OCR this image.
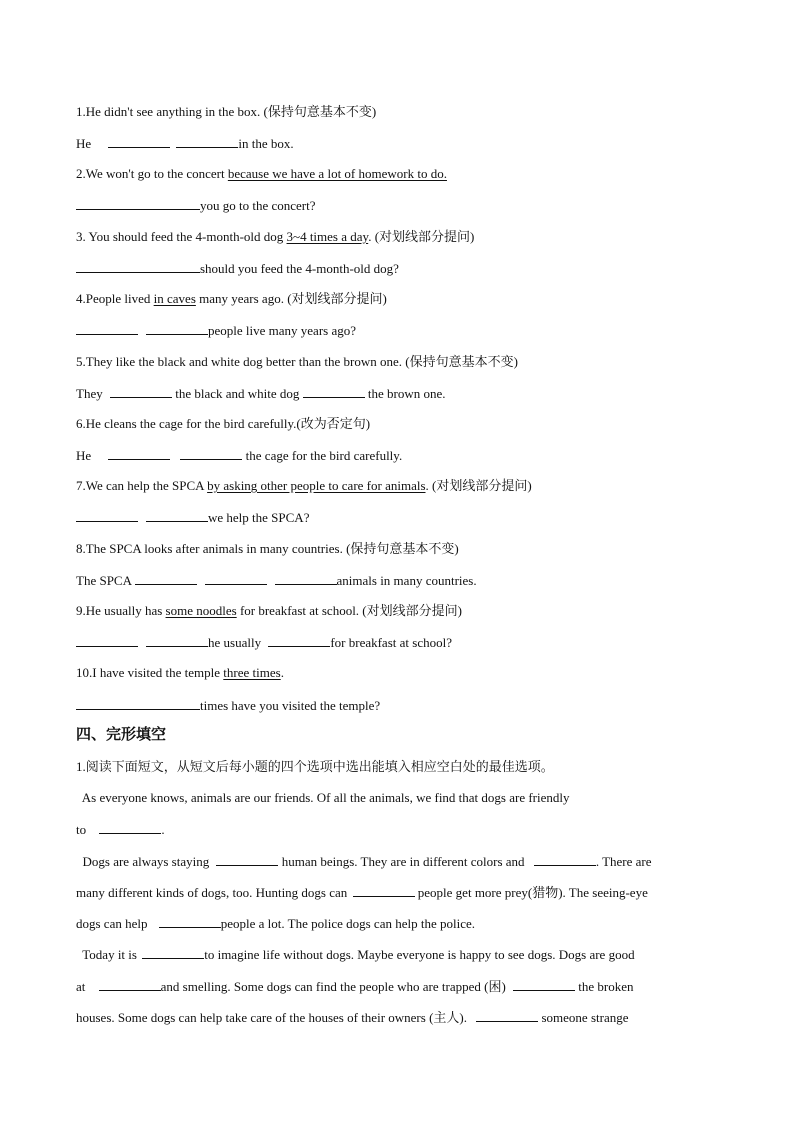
1.He didn't see anything in the box. (保持句意基本不变)
He	in the box.
2.We won't go to the concert because we have a lot of homework to do.
you go to the concert?
3. You should feed the 4-month-old dog 3~4 times a day. (对划线部分提问)
should you feed the 4-month-old dog?
4.People lived in caves many years ago. (对划线部分提问)
people live many years ago?
5.They like the black and white dog better than the brown one. (保持句意基本不变)
They	the black and white dog	the brown one.
6.He cleans the cage for the bird carefully.(改为否定句)
He	the cage for the bird carefully.
7.We can help the SPCA by asking other people to care for animals. (对划线部分提问)
we help the SPCA?
8.The SPCA looks after animals in many countries. (保持句意基本不变)
The SPCA	animals in many countries.
9.He usually has some noodles for breakfast at school. (对划线部分提问)
he usually	for breakfast at school?
10.I have visited the temple three times.
times have you visited the temple?
四、完形填空
1.阅读下面短文，从短文后每小题的四个选项中选出能填入相应空白处的最佳选项。
As everyone knows, animals are our friends. Of all the animals, we find that dogs are friendly
to	.
Dogs are always staying	human beings. They are in different colors and	. There are
many different kinds of dogs, too. Hunting dogs can	people get more prey(猎物). The seeing-eye
dogs can help	people a lot. The police dogs can help the police.
Today it is	to imagine life without dogs. Maybe everyone is happy to see dogs. Dogs are good
at	and smelling. Some dogs can find the people who are trapped (困)	the broken
houses. Some dogs can help take care of the houses of their owners (主人).	someone strange
